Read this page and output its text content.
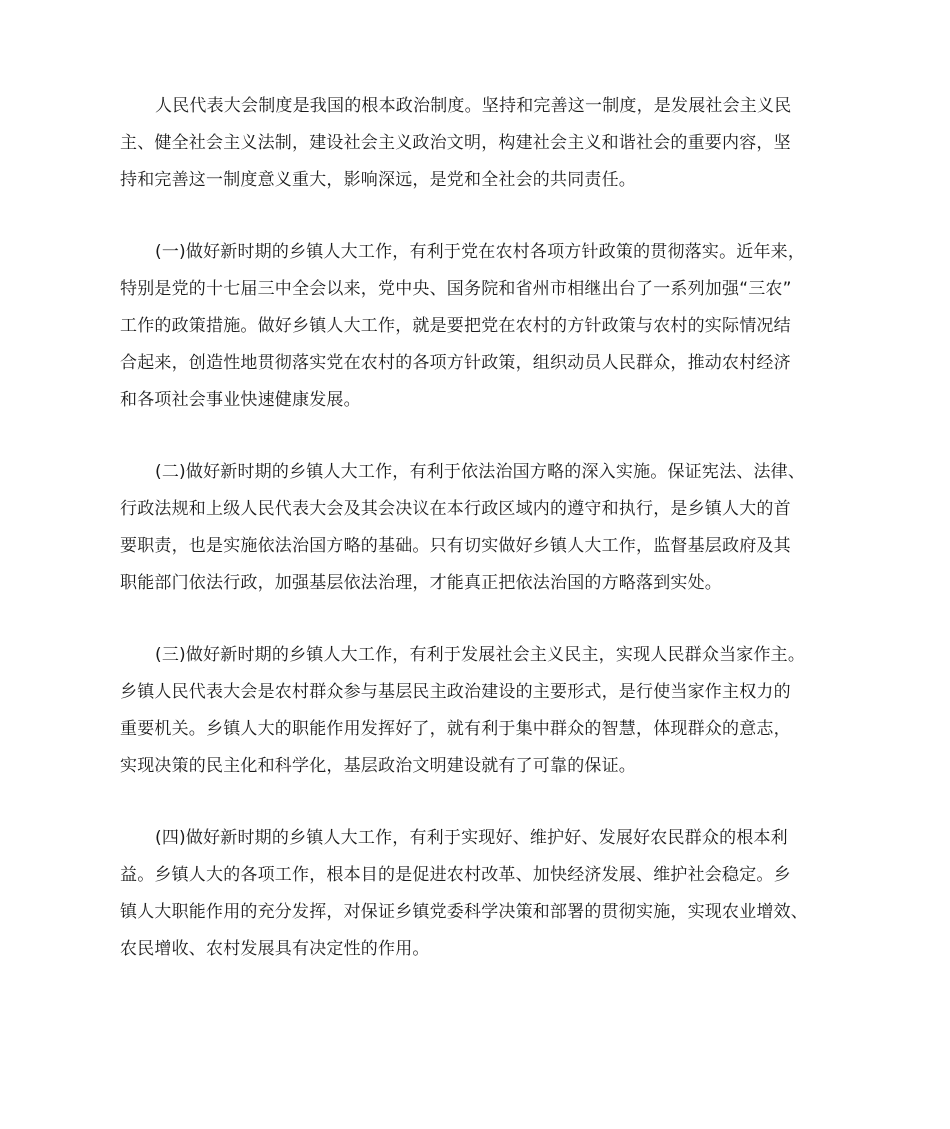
人民代表大会制度是我国的根本政治制度。坚持和完善这一制度，是发展社会主义民
主、健全社会主义法制，建设社会主义政治文明，构建社会主义和谐社会的重要内容，坚
持和完善这一制度意义重大，影响深远，是党和全社会的共同责任。
(一)做好新时期的乡镇人大工作，有利于党在农村各项方针政策的贯彻落实。近年来，
特别是党的十七届三中全会以来，党中央、国务院和省州市相继出台了一系列加强“三农”
工作的政策措施。做好乡镇人大工作，就是要把党在农村的方针政策与农村的实际情况结
合起来，创造性地贯彻落实党在农村的各项方针政策，组织动员人民群众，推动农村经济
和各项社会事业快速健康发展。
(二)做好新时期的乡镇人大工作，有利于依法治国方略的深入实施。保证宪法、法律、
行政法规和上级人民代表大会及其会决议在本行政区域内的遵守和执行，是乡镇人大的首
要职责，也是实施依法治国方略的基础。只有切实做好乡镇人大工作，监督基层政府及其
职能部门依法行政，加强基层依法治理，才能真正把依法治国的方略落到实处。
(三)做好新时期的乡镇人大工作，有利于发展社会主义民主，实现人民群众当家作主。
乡镇人民代表大会是农村群众参与基层民主政治建设的主要形式，是行使当家作主权力的
重要机关。乡镇人大的职能作用发挥好了，就有利于集中群众的智慧，体现群众的意志，
实现决策的民主化和科学化，基层政治文明建设就有了可靠的保证。
(四)做好新时期的乡镇人大工作，有利于实现好、维护好、发展好农民群众的根本利
益。乡镇人大的各项工作，根本目的是促进农村改革、加快经济发展、维护社会稳定。乡
镇人大职能作用的充分发挥，对保证乡镇党委科学决策和部署的贯彻实施，实现农业增效、
农民增收、农村发展具有决定性的作用。
